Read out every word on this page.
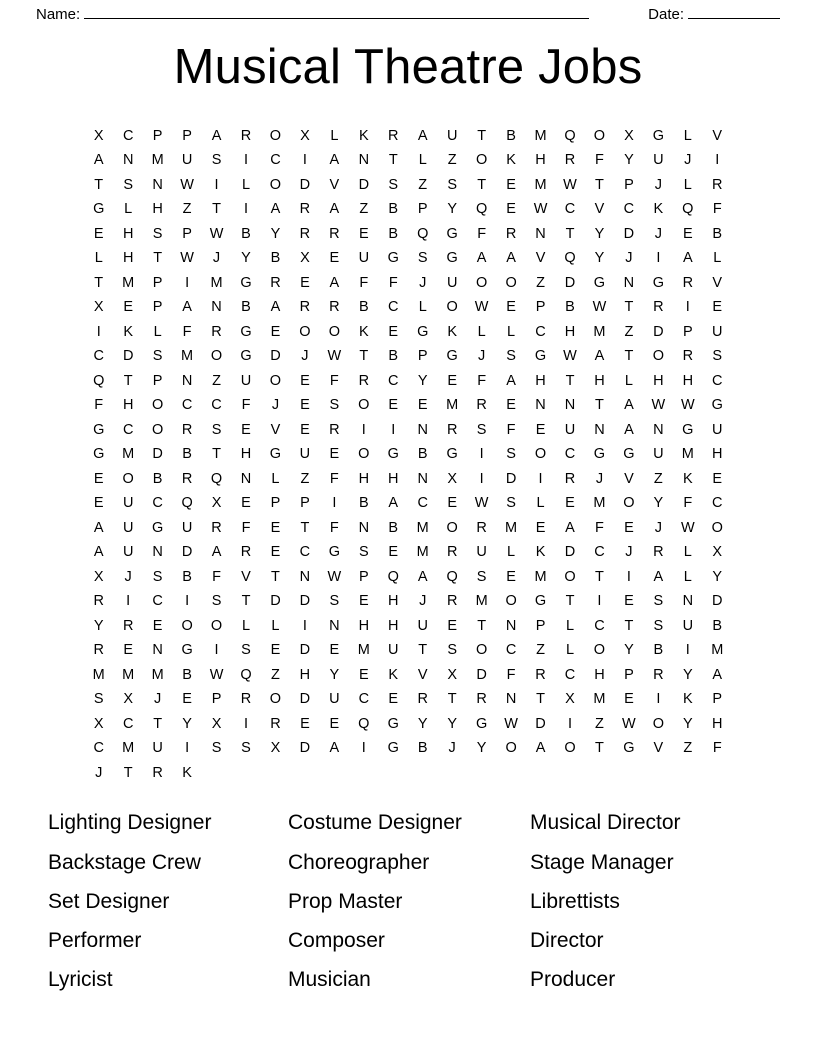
Name:	Date:
Musical Theatre Jobs
X	C	P	P	A	R	O	X	L	K	R	A	U	T	B	M	Q	O	X	G	L	V
A	N	M	U	S	I	C	I	A	N	T	L	Z	O	K	H	R	F	Y	U	J	I
T	S	N	W	I	L	O	D	V	D	S	Z	S	T	E	M	W	T	P	J	L	R
G	L	H	Z	T	I	A	R	A	Z	B	P	Y	Q	E	W	C	V	C	K	Q	F
E	H	S	P	W	B	Y	R	R	E	B	Q	G	F	R	N	T	Y	D	J	E	B
L	H	T	W	J	Y	B	X	E	U	G	S	G	A	A	V	Q	Y	J	I	A	L
T	M	P	I	M	G	R	E	A	F	F	J	U	O	O	Z	D	G	N	G	R	V
X	E	P	A	N	B	A	R	R	B	C	L	O	W	E	P	B	W	T	R	I	E
I	K	L	F	R	G	E	O	O	K	E	G	K	L	L	C	H	M	Z	D	P	U
C	D	S	M	O	G	D	J	W	T	B	P	G	J	S	G	W	A	T	O	R	S
Q	T	P	N	Z	U	O	E	F	R	C	Y	E	F	A	H	T	H	L	H	H	C
F	H	O	C	C	F	J	E	S	O	E	E	M	R	E	N	N	T	A	W	W	G
G	C	O	R	S	E	V	E	R	I	I	N	R	S	F	E	U	N	A	N	G	U
G	M	D	B	T	H	G	U	E	O	G	B	G	I	S	O	C	G	G	U	M	H
E	O	B	R	Q	N	L	Z	F	H	H	N	X	I	D	I	R	J	V	Z	K	E
E	U	C	Q	X	E	P	P	I	B	A	C	E	W	S	L	E	M	O	Y	F	C
A	U	G	U	R	F	E	T	F	N	B	M	O	R	M	E	A	F	E	J	W	O
A	U	N	D	A	R	E	C	G	S	E	M	R	U	L	K	D	C	J	R	L	X
X	J	S	B	F	V	T	N	W	P	Q	A	Q	S	E	M	O	T	I	A	L	Y
R	I	C	I	S	T	D	D	S	E	H	J	R	M	O	G	T	I	E	S	N	D
Y	R	E	O	O	L	L	I	N	H	H	U	E	T	N	P	L	C	T	S	U	B
R	E	N	G	I	S	E	D	E	M	U	T	S	O	C	Z	L	O	Y	B	I	M
M	M	M	B	W	Q	Z	H	Y	E	K	V	X	D	F	R	C	H	P	R	Y	A
S	X	J	E	P	R	O	D	U	C	E	R	T	R	N	T	X	M	E	I	K	P
X	C	T	Y	X	I	R	E	E	Q	G	Y	Y	G	W	D	I	Z	W	O	Y	H
C	M	U	I	S	S	X	D	A	I	G	B	J	Y	O	A	O	T	G	V	Z	F
J	T	R	K
Lighting Designer	Costume Designer	Musical Director
Backstage Crew	Choreographer	Stage Manager
Set Designer	Prop Master	Librettists
Performer	Composer	Director
Lyricist	Musician	Producer
